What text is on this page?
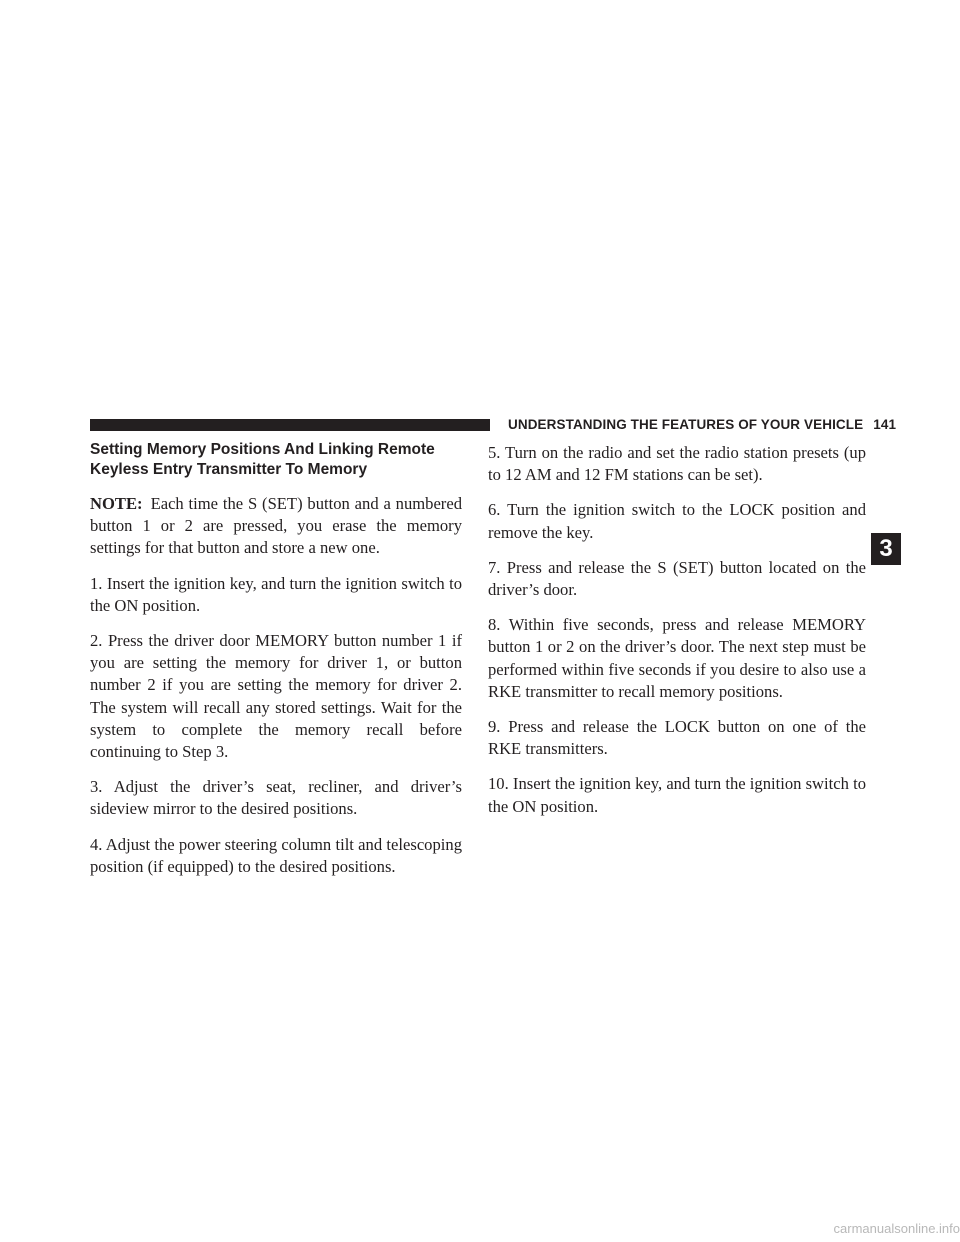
UNDERSTANDING THE FEATURES OF YOUR VEHICLE 141
Setting Memory Positions And Linking Remote
Keyless Entry Transmitter To Memory

NOTE: Each time the S (SET) button and a numbered button 1 or 2 are pressed, you erase the memory settings for that button and store a new one.

1. Insert the ignition key, and turn the ignition switch to the ON position.

2. Press the driver door MEMORY button number 1 if you are setting the memory for driver 1, or button number 2 if you are setting the memory for driver 2. The system will recall any stored settings. Wait for the system to complete the memory recall before continuing to Step 3.

3. Adjust the driver’s seat, recliner, and driver’s sideview mirror to the desired positions.

4. Adjust the power steering column tilt and telescoping position (if equipped) to the desired positions.

5. Turn on the radio and set the radio station presets (up to 12 AM and 12 FM stations can be set).

6. Turn the ignition switch to the LOCK position and remove the key.

7. Press and release the S (SET) button located on the driver’s door.

8. Within five seconds, press and release MEMORY button 1 or 2 on the driver’s door. The next step must be performed within five seconds if you desire to also use a RKE transmitter to recall memory positions.

9. Press and release the LOCK button on one of the RKE transmitters.

10. Insert the ignition key, and turn the ignition switch to the ON position.

3
carmanualsonline.info
